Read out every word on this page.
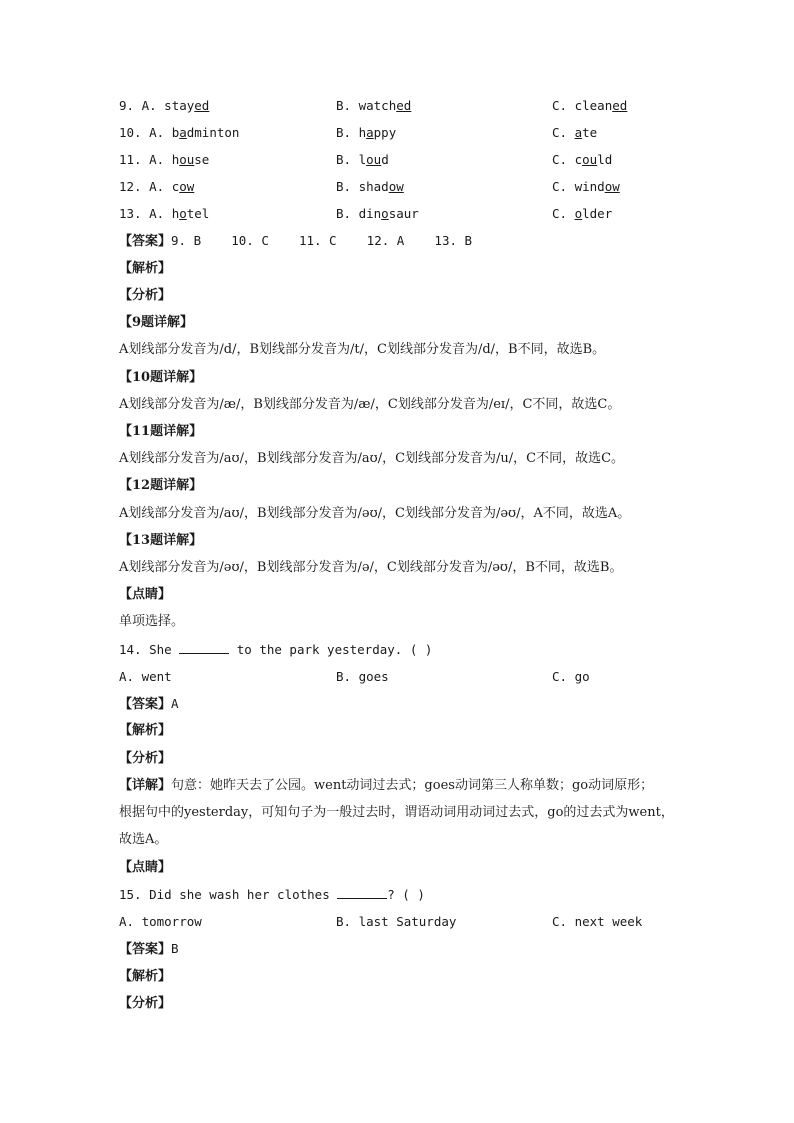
9. A. stayed	B. watched	C. cleaned
10. A. badminton	B. happy	C. ate
11. A. house	B. loud	C. could
12. A. cow	B. shadow	C. window
13. A. hotel	B. dinosaur	C. older
【答案】9. B    10. C    11. C    12. A    13. B
【解析】
【分析】
【9题详解】
A划线部分发音为/d/，B划线部分发音为/t/，C划线部分发音为/d/，B不同，故选B。
【10题详解】
A划线部分发音为/æ/，B划线部分发音为/æ/，C划线部分发音为/eɪ/，C不同，故选C。
【11题详解】
A划线部分发音为/aʊ/，B划线部分发音为/aʊ/，C划线部分发音为/u/，C不同，故选C。
【12题详解】
A划线部分发音为/aʊ/，B划线部分发音为/əʊ/，C划线部分发音为/əʊ/，A不同，故选A。
【13题详解】
A划线部分发音为/əʊ/，B划线部分发音为/ə/，C划线部分发音为/əʊ/，B不同，故选B。
【点睛】
单项选择。
14. She	to the park yesterday. ( )
A. went	B. goes	C. go
【答案】A
【解析】
【分析】
【详解】句意：她昨天去了公园。went动词过去式；goes动词第三人称单数；go动词原形；
根据句中的yesterday，可知句子为一般过去时，谓语动词用动词过去式，go的过去式为went，
故选A。
【点睛】
15. Did she wash her clothes	? ( )
A. tomorrow	B. last Saturday	C. next week
【答案】B
【解析】
【分析】
